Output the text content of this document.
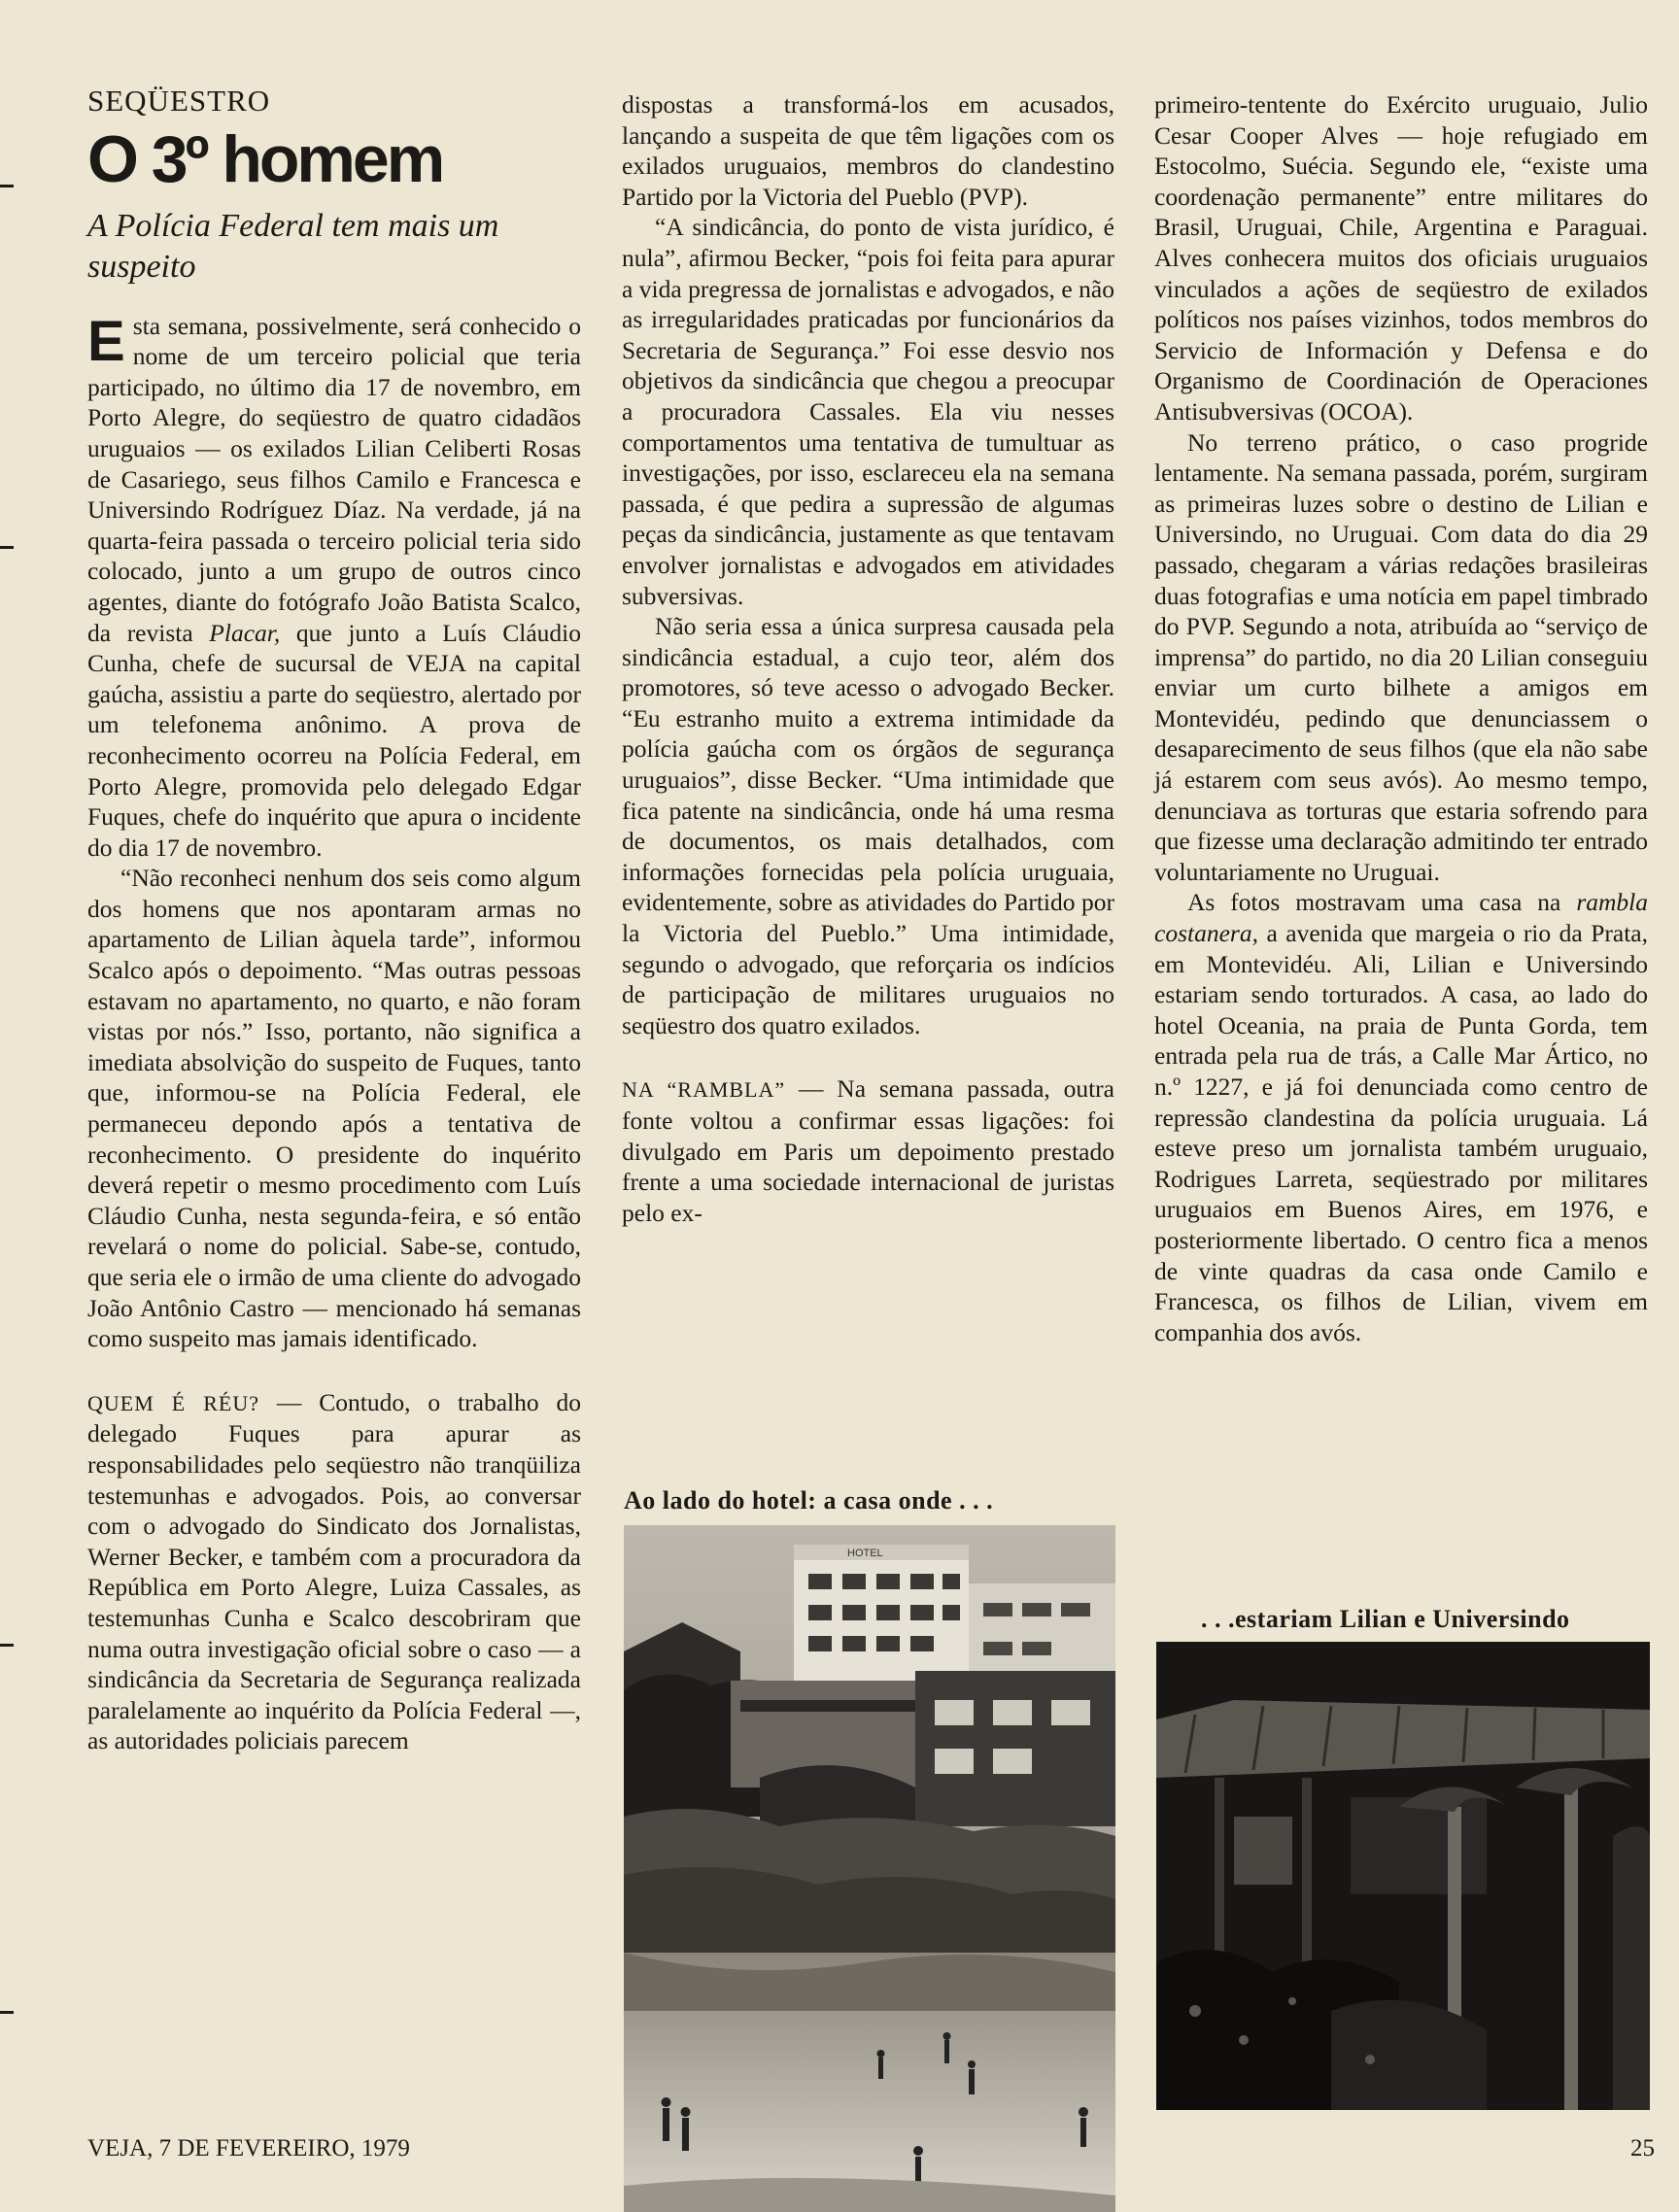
SEQÜESTRO
O 3º homem
A Polícia Federal tem mais um suspeito

Esta semana, possivelmente, será conhecido o nome de um terceiro policial que teria participado, no último dia 17 de novembro, em Porto Alegre, do seqüestro de quatro cidadãos uruguaios — os exilados Lilian Celiberti Rosas de Casariego, seus filhos Camilo e Francesca e Universindo Rodríguez Díaz. Na verdade, já na quarta-feira passada o terceiro policial teria sido colocado, junto a um grupo de outros cinco agentes, diante do fotógrafo João Batista Scalco, da revista Placar, que junto a Luís Cláudio Cunha, chefe de sucursal de VEJA na capital gaúcha, assistiu a parte do seqüestro, alertado por um telefonema anônimo. A prova de reconhecimento ocorreu na Polícia Federal, em Porto Alegre, promovida pelo delegado Edgar Fuques, chefe do inquérito que apura o incidente do dia 17 de novembro.

“Não reconheci nenhum dos seis como algum dos homens que nos apontaram armas no apartamento de Lilian àquela tarde”, informou Scalco após o depoimento. “Mas outras pessoas estavam no apartamento, no quarto, e não foram vistas por nós.” Isso, portanto, não significa a imediata absolvição do suspeito de Fuques, tanto que, informou-se na Polícia Federal, ele permaneceu depondo após a tentativa de reconhecimento. O presidente do inquérito deverá repetir o mesmo procedimento com Luís Cláudio Cunha, nesta segunda-feira, e só então revelará o nome do policial. Sabe-se, contudo, que seria ele o irmão de uma cliente do advogado João Antônio Castro — mencionado há semanas como suspeito mas jamais identificado.

QUEM É RÉU? — Contudo, o trabalho do delegado Fuques para apurar as responsabilidades pelo seqüestro não tranqüiliza testemunhas e advogados. Pois, ao conversar com o advogado do Sindicato dos Jornalistas, Werner Becker, e também com a procuradora da República em Porto Alegre, Luiza Cassales, as testemunhas Cunha e Scalco descobriram que numa outra investigação oficial sobre o caso — a sindicância da Secretaria de Segurança realizada paralelamente ao inquérito da Polícia Federal —, as autoridades policiais parecem

dispostas a transformá-los em acusados, lançando a suspeita de que têm ligações com os exilados uruguaios, membros do clandestino Partido por la Victoria del Pueblo (PVP).

“A sindicância, do ponto de vista jurídico, é nula”, afirmou Becker, “pois foi feita para apurar a vida pregressa de jornalistas e advogados, e não as irregularidades praticadas por funcionários da Secretaria de Segurança.” Foi esse desvio nos objetivos da sindicância que chegou a preocupar a procuradora Cassales. Ela viu nesses comportamentos uma tentativa de tumultuar as investigações, por isso, esclareceu ela na semana passada, é que pedira a supressão de algumas peças da sindicância, justamente as que tentavam envolver jornalistas e advogados em atividades subversivas.

Não seria essa a única surpresa causada pela sindicância estadual, a cujo teor, além dos promotores, só teve acesso o advogado Becker. “Eu estranho muito a extrema intimidade da polícia gaúcha com os órgãos de segurança uruguaios”, disse Becker. “Uma intimidade que fica patente na sindicância, onde há uma resma de documentos, os mais detalhados, com informações fornecidas pela polícia uruguaia, evidentemente, sobre as atividades do Partido por la Victoria del Pueblo.” Uma intimidade, segundo o advogado, que reforçaria os indícios de participação de militares uruguaios no seqüestro dos quatro exilados.

NA “RAMBLA” — Na semana passada, outra fonte voltou a confirmar essas ligações: foi divulgado em Paris um depoimento prestado frente a uma sociedade internacional de juristas pelo ex-

primeiro-tentente do Exército uruguaio, Julio Cesar Cooper Alves — hoje refugiado em Estocolmo, Suécia. Segundo ele, “existe uma coordenação permanente” entre militares do Brasil, Uruguai, Chile, Argentina e Paraguai. Alves conhecera muitos dos oficiais uruguaios vinculados a ações de seqüestro de exilados políticos nos países vizinhos, todos membros do Servicio de Información y Defensa e do Organismo de Coordinación de Operaciones Antisubversivas (OCOA).

No terreno prático, o caso progride lentamente. Na semana passada, porém, surgiram as primeiras luzes sobre o destino de Lilian e Universindo, no Uruguai. Com data do dia 29 passado, chegaram a várias redações brasileiras duas fotografias e uma notícia em papel timbrado do PVP. Segundo a nota, atribuída ao “serviço de imprensa” do partido, no dia 20 Lilian conseguiu enviar um curto bilhete a amigos em Montevidéu, pedindo que denunciassem o desaparecimento de seus filhos (que ela não sabe já estarem com seus avós). Ao mesmo tempo, denunciava as torturas que estaria sofrendo para que fizesse uma declaração admitindo ter entrado voluntariamente no Uruguai.

As fotos mostravam uma casa na rambla costanera, a avenida que margeia o rio da Prata, em Montevidéu. Ali, Lilian e Universindo estariam sendo torturados. A casa, ao lado do hotel Oceania, na praia de Punta Gorda, tem entrada pela rua de trás, a Calle Mar Ártico, no n.º 1227, e já foi denunciada como centro de repressão clandestina da polícia uruguaia. Lá esteve preso um jornalista também uruguaio, Rodrigues Larreta, seqüestrado por militares uruguaios em Buenos Aires, em 1976, e posteriormente libertado. O centro fica a menos de vinte quadras da casa onde Camilo e Francesca, os filhos de Lilian, vivem em companhia dos avós.

Ao lado do hotel: a casa onde . . .
. . .estariam Lilian e Universindo
HOTEL
VEJA, 7 DE FEVEREIRO, 1979	25
